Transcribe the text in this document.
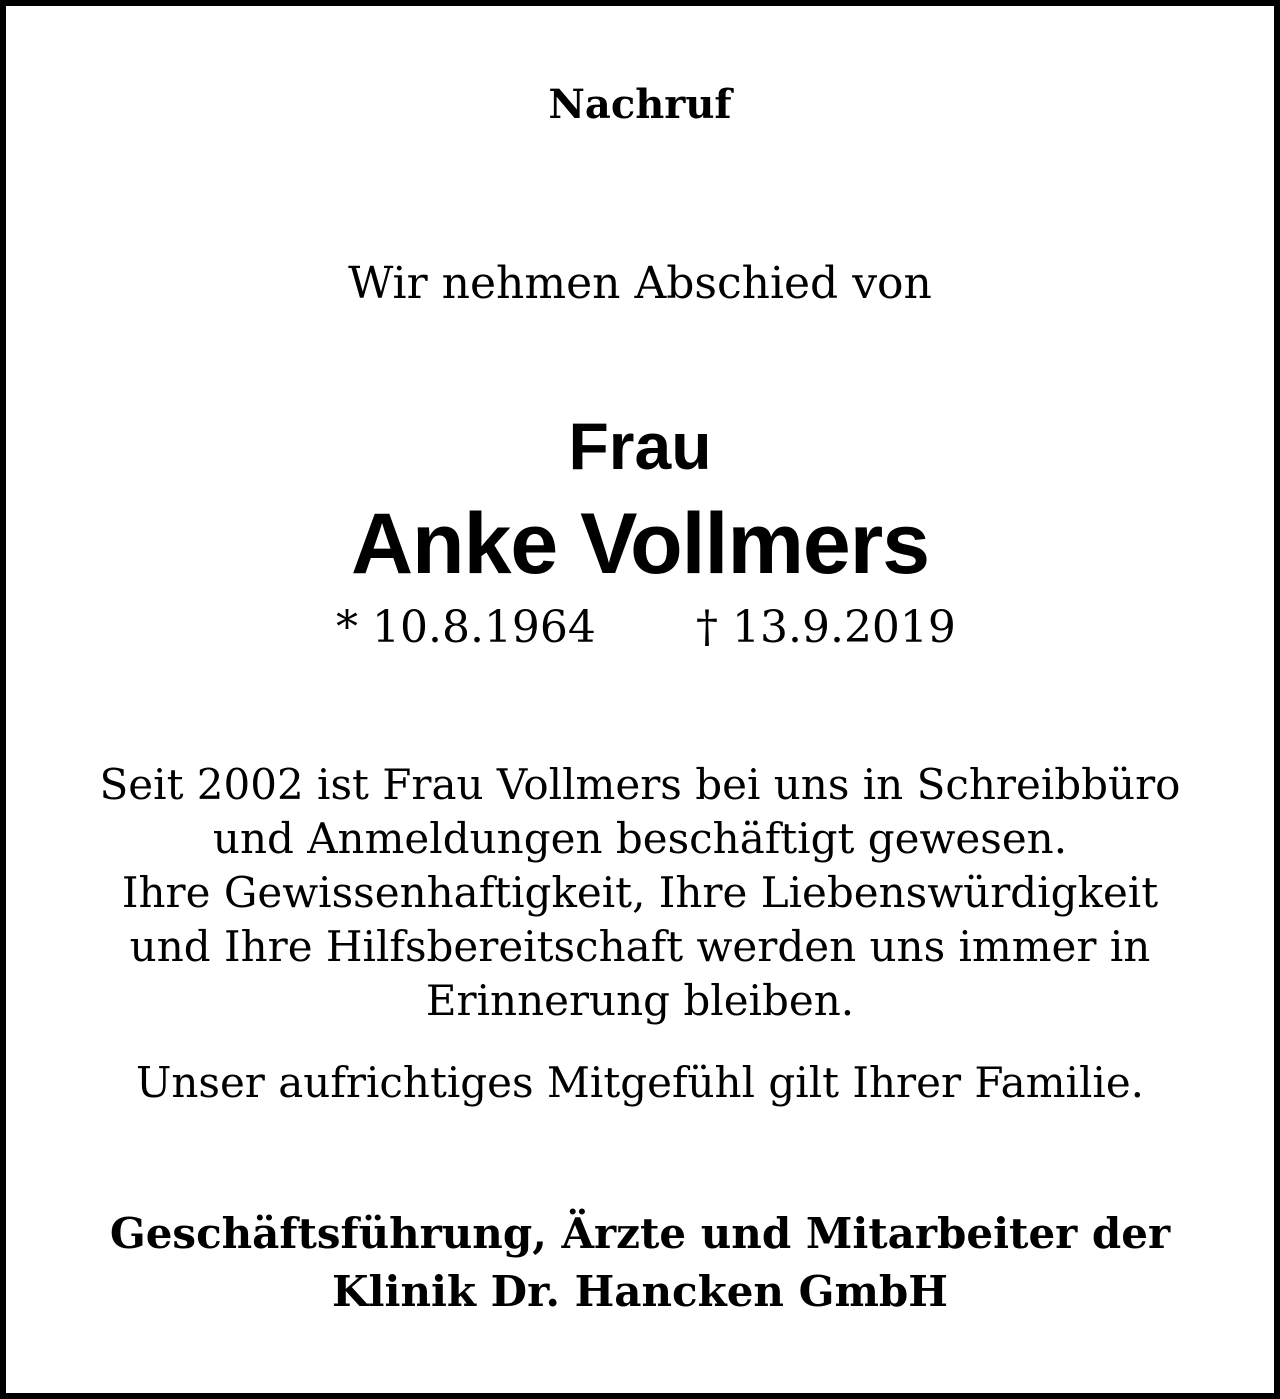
Nachruf
Wir nehmen Abschied von
Frau
Anke Vollmers
* 10.8.1964 † 13.9.2019
Seit 2002 ist Frau Vollmers bei uns in Schreibbüro
und Anmeldungen beschäftigt gewesen.
Ihre Gewissenhaftigkeit, Ihre Liebenswürdigkeit
und Ihre Hilfsbereitschaft werden uns immer in
Erinnerung bleiben.
Unser aufrichtiges Mitgefühl gilt Ihrer Familie.
Geschäftsführung, Ärzte und Mitarbeiter der
Klinik Dr. Hancken GmbH
